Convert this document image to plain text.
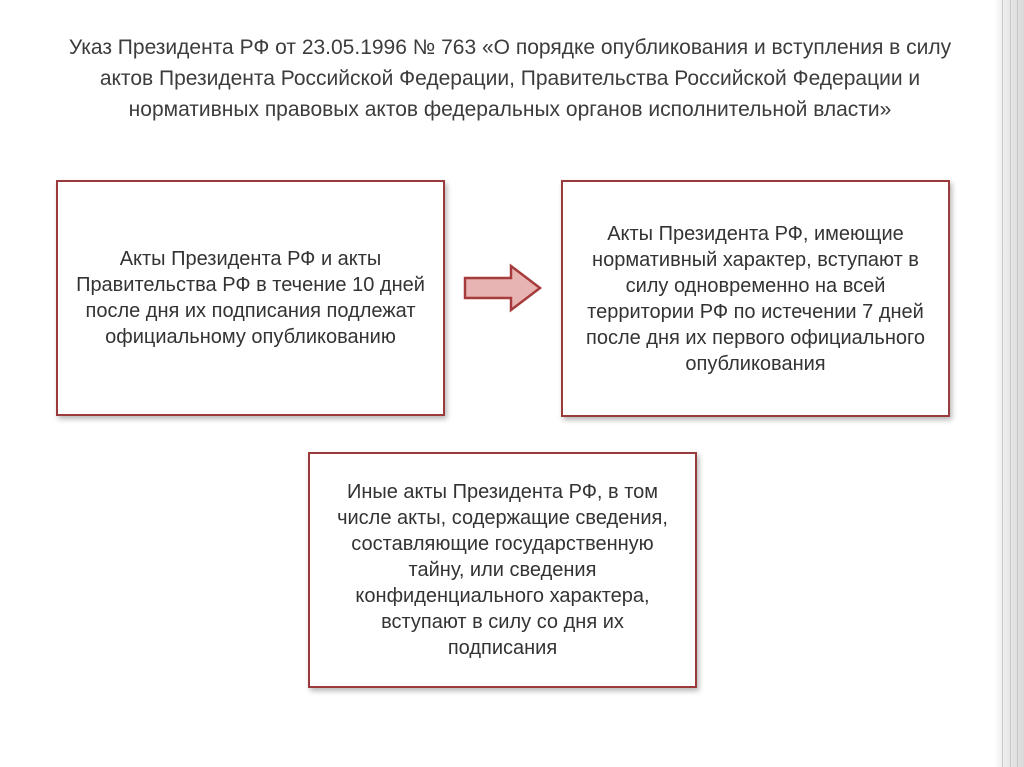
Указ Президента РФ от 23.05.1996 № 763 «О порядке опубликования и вступления в силу актов Президента Российской Федерации, Правительства Российской Федерации и нормативных правовых актов федеральных органов исполнительной власти»
Акты Президента РФ и акты Правительства РФ в течение 10 дней после дня их подписания подлежат официальному опубликованию
Акты Президента РФ, имеющие нормативный характер, вступают в силу одновременно на всей территории РФ по истечении 7 дней после дня их первого официального опубликования
Иные акты Президента РФ, в том числе акты, содержащие сведения, составляющие государственную тайну, или сведения конфиденциального характера, вступают в силу со дня их подписания
